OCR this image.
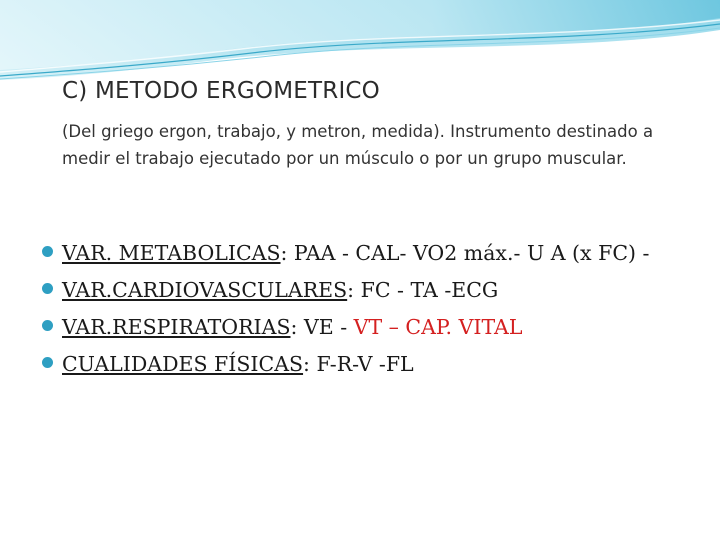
C) METODO ERGOMETRICO
(Del griego ergon, trabajo, y metron, medida). Instrumento destinado a medir el trabajo ejecutado por un músculo o por un grupo muscular.
VAR. METABOLICAS: PAA - CAL- VO2 máx.- U A (x FC) -
VAR.CARDIOVASCULARES: FC - TA -ECG
VAR.RESPIRATORIAS: VE - VT – CAP. VITAL
CUALIDADES FÍSICAS: F-R-V -FL
